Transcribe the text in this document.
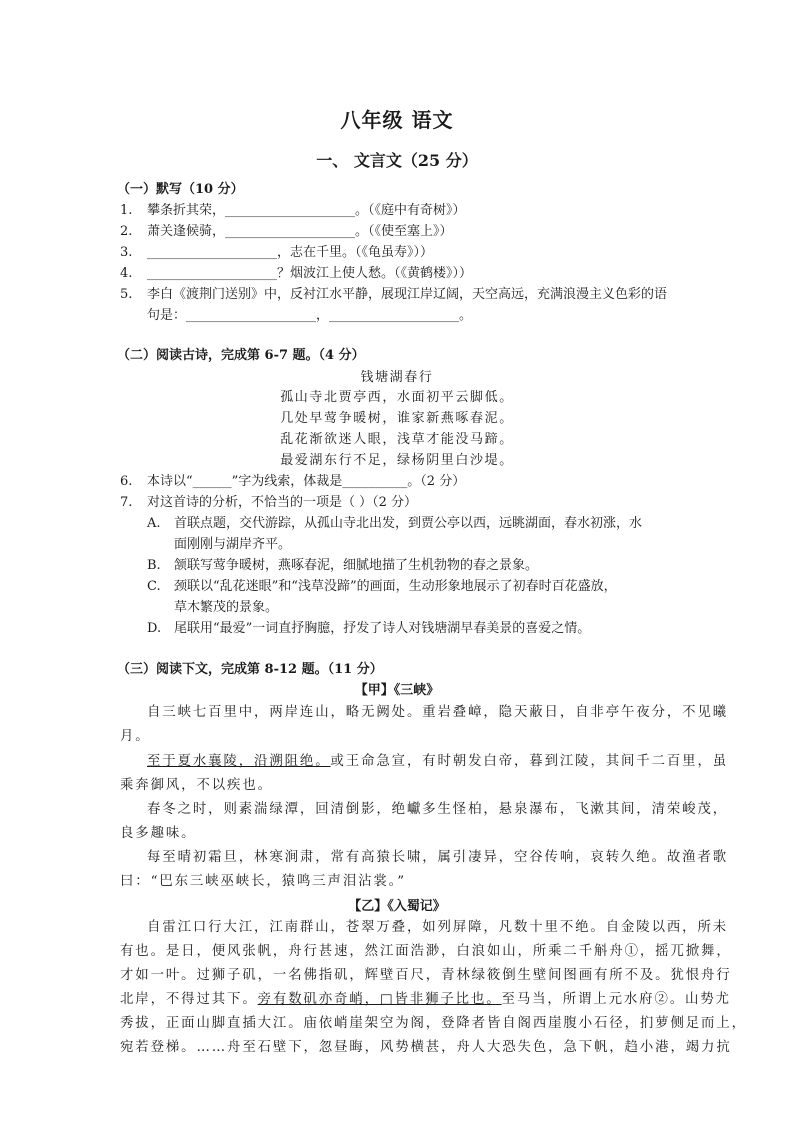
八年级 语文
一、 文言文（25 分）
（一）默写（10 分）
1. 攀条折其荣，____________________。（《庭中有奇树》）
2. 萧关逢候骑，____________________。（《使至塞上》）
3. ____________________，志在千里。（《龟虽寿》））
4. ____________________？烟波江上使人愁。（《黄鹤楼》））
5. 李白《渡荆门送别》中，反衬江水平静，展现江岸辽阔，天空高远，充满浪漫主义色彩的语
句是：____________________，____________________。
（二）阅读古诗，完成第 6-7 题。（4 分）
钱塘湖春行
孤山寺北贾亭西，水面初平云脚低。
几处早莺争暖树，谁家新燕啄春泥。
乱花渐欲迷人眼，浅草才能没马蹄。
最爱湖东行不足，绿杨阴里白沙堤。
6. 本诗以“______”字为线索，体裁是__________。（2 分）
7. 对这首诗的分析，不恰当的一项是（ ）（2 分）
A. 首联点题，交代游踪，从孤山寺北出发，到贾公亭以西，远眺湖面，春水初涨，水
面刚刚与湖岸齐平。
B. 颔联写莺争暖树，燕啄春泥，细腻地描了生机勃物的春之景象。
C. 颈联以“乱花迷眼”和“浅草没蹄”的画面，生动形象地展示了初春时百花盛放，
草木繁茂的景象。
D. 尾联用“最爱”一词直抒胸臆，抒发了诗人对钱塘湖早春美景的喜爱之情。
（三）阅读下文，完成第 8-12 题。（11 分）
【甲】《三峡》
自三峡七百里中，两岸连山，略无阙处。重岩叠嶂，隐天蔽日，自非亭午夜分，不见曦
月。
至于夏水襄陵，沿溯阻绝。或王命急宣，有时朝发白帝，暮到江陵，其间千二百里，虽
乘奔御风，不以疾也。
春冬之时，则素湍绿潭，回清倒影，绝巘多生怪柏，悬泉瀑布，飞漱其间，清荣峻茂，
良多趣味。
每至晴初霜旦，林寒涧肃，常有高猿长啸，属引凄异，空谷传响，哀转久绝。故渔者歌
曰：“巴东三峡巫峡长，猿鸣三声泪沾裳。”
【乙】《入蜀记》
自雷江口行大江，江南群山，苍翠万叠，如列屏障，凡数十里不绝。自金陵以西，所未
有也。是日，便风张帆，舟行甚速，然江面浩渺，白浪如山，所乘二千斛舟①，摇兀掀舞，
才如一叶。过狮子矶，一名佛指矶，辉壁百尺，青林绿筱倒生壁间图画有所不及。犹恨舟行
北岸，不得过其下。旁有数矶亦奇峭，□皆非狮子比也。至马当，所谓上元水府②。山势尤
秀拔，正面山脚直插大江。庙依峭崖架空为阁，登降者皆自阁西崖腹小石径，扪萝侧足而上，
宛若登梯。……舟至石壁下，忽昼晦，风势横甚，舟人大恐失色，急下帆，趋小港，竭力抗
